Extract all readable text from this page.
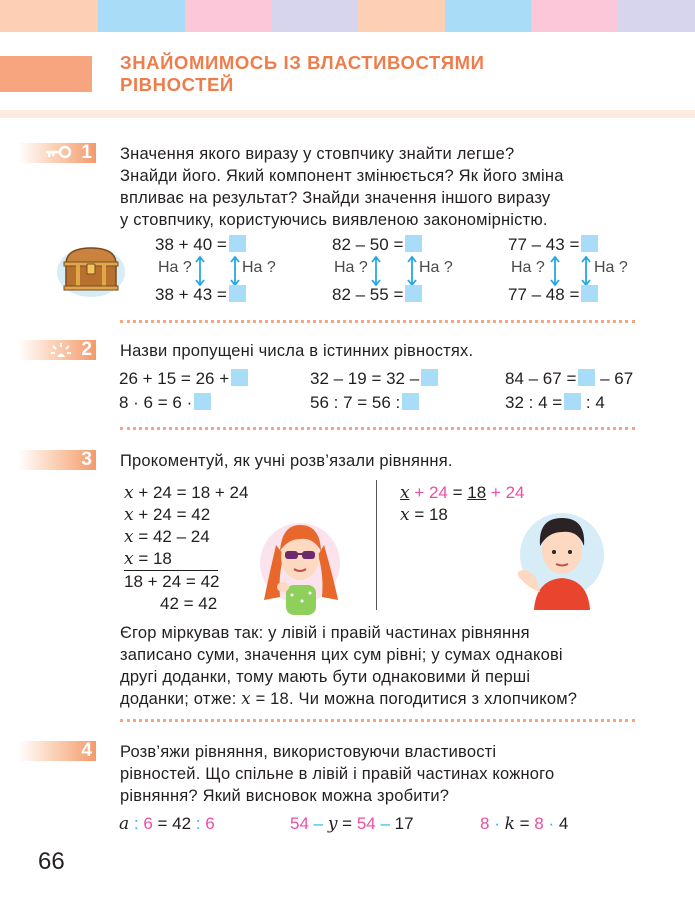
ЗНАЙОМИМОСЬ ІЗ ВЛАСТИВОСТЯМИ
РІВНОСТЕЙ
1 Значення якого виразу у стовпчику знайти легше?
Знайди його. Який компонент змінюється? Як його зміна
впливає на результат? Знайди значення іншого виразу
у стовпчику, користуючись виявленою закономірністю.
38 + 40 =
На ?	На ?
38 + 43 =
82 – 50 =
На ?	На ?
82 – 55 =
77 – 43 =
На ?	На ?
77 – 48 =
2 Назви пропущені числа в істинних рівностях.
26 + 15 = 26 +	32 – 19 = 32 –	84 – 67 = – 67
8 · 6 = 6 ·	56 : 7 = 56 :	32 : 4 = : 4
3 Прокоментуй, як учні розв’язали рівняння.
x + 24 = 18 + 24
x + 24 = 42
x = 42 – 24
x = 18
18 + 24 = 42
42 = 42
x + 24 = 18 + 24
x = 18
Єгор міркував так: у лівій і правій частинах рівняння
записано суми, значення цих сум рівні; у сумах однакові
другі доданки, тому мають бути однаковими й перші
доданки; отже: x = 18. Чи можна погодитися з хлопчиком?
4 Розв’яжи рівняння, використовуючи властивості
рівностей. Що спільне в лівій і правій частинах кожного
рівняння? Який висновок можна зробити?
a : 6 = 42 : 6	54 – y = 54 – 17	8 · k = 8 · 4
66
